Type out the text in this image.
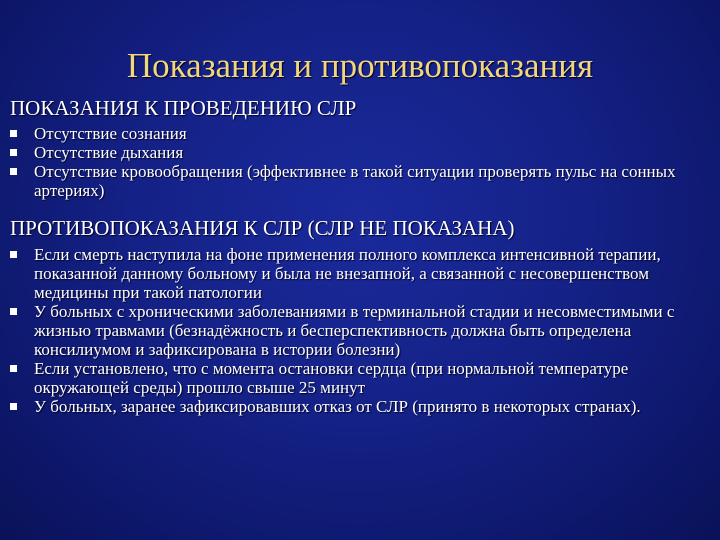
Показания и противопоказания
ПОКАЗАНИЯ К ПРОВЕДЕНИЮ СЛР
Отсутствие сознания
Отсутствие дыхания
Отсутствие кровообращения (эффективнее в такой ситуации проверять пульс на сонных артериях)
ПРОТИВОПОКАЗАНИЯ К СЛР (СЛР НЕ ПОКАЗАНА)
Если смерть наступила на фоне применения полного комплекса интенсивной терапии, показанной данному больному и была не внезапной, а связанной с несовершенством медицины при такой патологии
У больных с хроническими заболеваниями в терминальной стадии и несовместимыми с жизнью травмами (безнадёжность и бесперспективность должна быть определена консилиумом и зафиксирована в истории болезни)
Если установлено, что с момента остановки сердца (при нормальной температуре окружающей среды) прошло свыше 25 минут
У больных, заранее зафиксировавших отказ от СЛР (принято в некоторых странах).
